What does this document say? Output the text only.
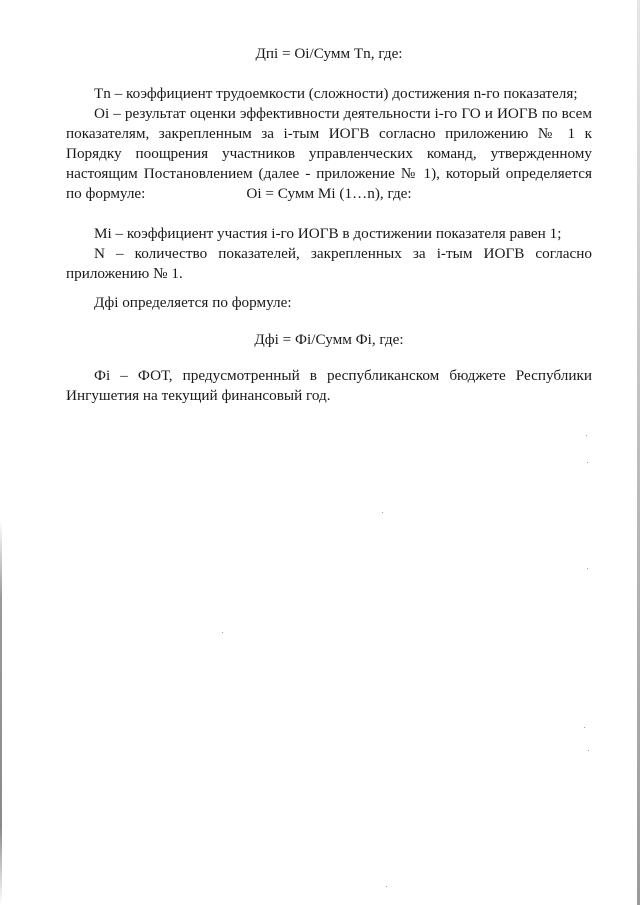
Дпi = Оi/Сумм Тn, где:

Тn – коэффициент трудоемкости (сложности) достижения n-го показателя;

Оi – результат оценки эффективности деятельности i-го ГО и ИОГВ по всем показателям, закрепленным за i-тым ИОГВ согласно приложению № 1 к Порядку поощрения участников управленческих команд, утвержденному настоящим Постановлением (далее - приложение № 1), который определяется по формуле:	Оi = Сумм Мi (1…n), где:

Мi – коэффициент участия i-го ИОГВ в достижении показателя равен 1;

N – количество показателей, закрепленных за i-тым ИОГВ согласно приложению № 1.

Дфi определяется по формуле:

Дфi = Фi/Сумм Фi, где:

Фi – ФОТ, предусмотренный в республиканском бюджете Республики Ингушетия на текущий финансовый год.
